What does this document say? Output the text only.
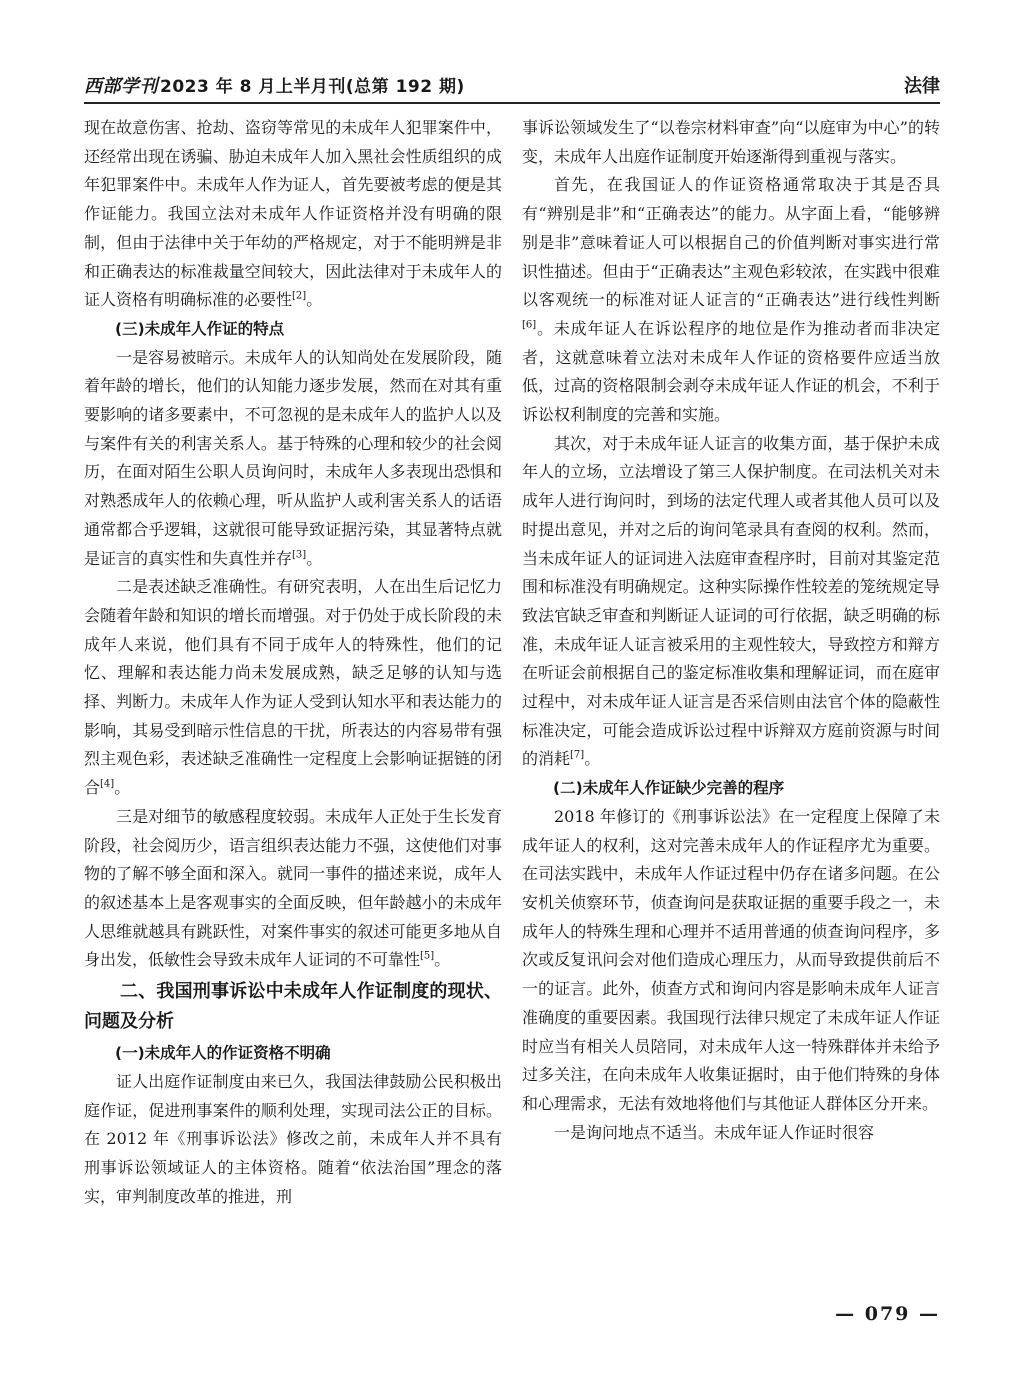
西部学刊 2023 年 8 月上半月刊(总第 192 期)	法律

现在故意伤害、抢劫、盗窃等常见的未成年人犯罪案件中，还经常出现在诱骗、胁迫未成年人加入黑社会性质组织的成年犯罪案件中。未成年人作为证人，首先要被考虑的便是其作证能力。我国立法对未成年人作证资格并没有明确的限制，但由于法律中关于年幼的严格规定，对于不能明辨是非和正确表达的标准裁量空间较大，因此法律对于未成年人的证人资格有明确标准的必要性[2]。

(三)未成年人作证的特点

一是容易被暗示。未成年人的认知尚处在发展阶段，随着年龄的增长，他们的认知能力逐步发展，然而在对其有重要影响的诸多要素中，不可忽视的是未成年人的监护人以及与案件有关的利害关系人。基于特殊的心理和较少的社会阅历，在面对陌生公职人员询问时，未成年人多表现出恐惧和对熟悉成年人的依赖心理，听从监护人或利害关系人的话语通常都合乎逻辑，这就很可能导致证据污染，其显著特点就是证言的真实性和失真性并存[3]。

二是表述缺乏准确性。有研究表明，人在出生后记忆力会随着年龄和知识的增长而增强。对于仍处于成长阶段的未成年人来说，他们具有不同于成年人的特殊性，他们的记忆、理解和表达能力尚未发展成熟，缺乏足够的认知与选择、判断力。未成年人作为证人受到认知水平和表达能力的影响，其易受到暗示性信息的干扰，所表达的内容易带有强烈主观色彩，表述缺乏准确性一定程度上会影响证据链的闭合[4]。

三是对细节的敏感程度较弱。未成年人正处于生长发育阶段，社会阅历少，语言组织表达能力不强，这使他们对事物的了解不够全面和深入。就同一事件的描述来说，成年人的叙述基本上是客观事实的全面反映，但年龄越小的未成年人思维就越具有跳跃性，对案件事实的叙述可能更多地从自身出发，低敏性会导致未成年人证词的不可靠性[5]。

二、我国刑事诉讼中未成年人作证制度的现状、问题及分析
(一)未成年人的作证资格不明确

证人出庭作证制度由来已久，我国法律鼓励公民积极出庭作证，促进刑事案件的顺利处理，实现司法公正的目标。在 2012 年《刑事诉讼法》修改之前，未成年人并不具有刑事诉讼领域证人的主体资格。随着“依法治国”理念的落实，审判制度改革的推进，刑

事诉讼领域发生了“以卷宗材料审查”向“以庭审为中心”的转变，未成年人出庭作证制度开始逐渐得到重视与落实。

首先，在我国证人的作证资格通常取决于其是否具有“辨别是非”和“正确表达”的能力。从字面上看，“能够辨别是非”意味着证人可以根据自己的价值判断对事实进行常识性描述。但由于“正确表达”主观色彩较浓，在实践中很难以客观统一的标准对证人证言的“正确表达”进行线性判断[6]。未成年证人在诉讼程序的地位是作为推动者而非决定者，这就意味着立法对未成年人作证的资格要件应适当放低，过高的资格限制会剥夺未成年证人作证的机会，不利于诉讼权利制度的完善和实施。

其次，对于未成年证人证言的收集方面，基于保护未成年人的立场，立法增设了第三人保护制度。在司法机关对未成年人进行询问时，到场的法定代理人或者其他人员可以及时提出意见，并对之后的询问笔录具有查阅的权利。然而，当未成年证人的证词进入法庭审查程序时，目前对其鉴定范围和标准没有明确规定。这种实际操作性较差的笼统规定导致法官缺乏审查和判断证人证词的可行依据，缺乏明确的标准，未成年证人证言被采用的主观性较大，导致控方和辩方在听证会前根据自己的鉴定标准收集和理解证词，而在庭审过程中，对未成年证人证言是否采信则由法官个体的隐蔽性标准决定，可能会造成诉讼过程中诉辩双方庭前资源与时间的消耗[7]。

(二)未成年人作证缺少完善的程序

2018 年修订的《刑事诉讼法》在一定程度上保障了未成年证人的权利，这对完善未成年人的作证程序尤为重要。在司法实践中，未成年人作证过程中仍存在诸多问题。在公安机关侦察环节，侦查询问是获取证据的重要手段之一，未成年人的特殊生理和心理并不适用普通的侦查询问程序，多次或反复讯问会对他们造成心理压力，从而导致提供前后不一的证言。此外，侦查方式和询问内容是影响未成年人证言准确度的重要因素。我国现行法律只规定了未成年证人作证时应当有相关人员陪同，对未成年人这一特殊群体并未给予过多关注，在向未成年人收集证据时，由于他们特殊的身体和心理需求，无法有效地将他们与其他证人群体区分开来。

一是询问地点不适当。未成年证人作证时很容

— 079 —
